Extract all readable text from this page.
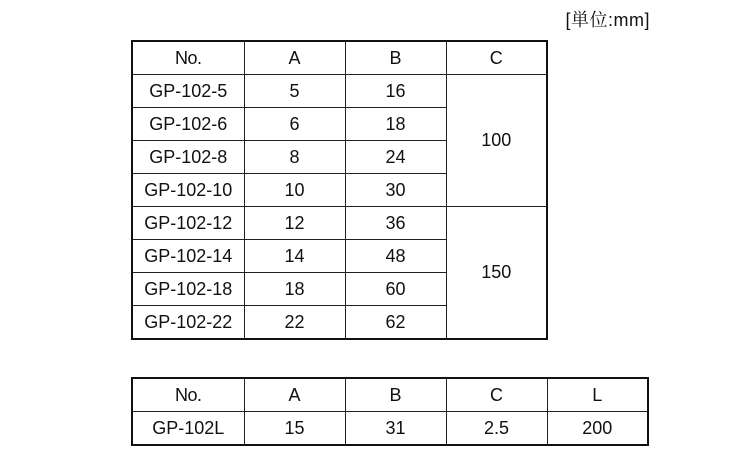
[単位:mm]
No.	A	B	C
GP-102-5	5	16	100
GP-102-6	6	18	
GP-102-8	8	24	
GP-102-10	10	30	
GP-102-12	12	36	150
GP-102-14	14	48	
GP-102-18	18	60	
GP-102-22	22	62	
No.	A	B	C	L
GP-102L	15	31	2.5	200
